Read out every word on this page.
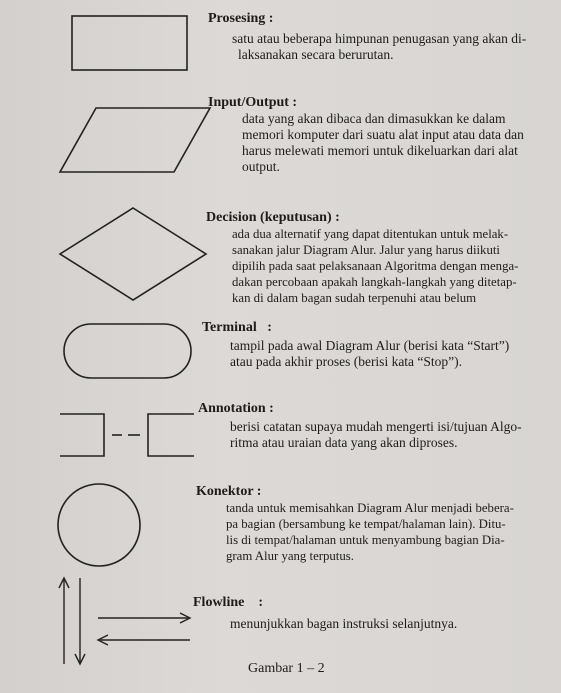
Prosesing :
Input/Output :
Decision (keputusan) :
Terminal   :
Annotation :
Konektor :
Flowline    :
satu atau beberapa himpunan penugasan yang akan di-
laksanakan secara berurutan.
data yang akan dibaca dan dimasukkan ke dalam
memori komputer dari suatu alat input atau data dan
harus melewati memori untuk dikeluarkan dari alat
output.
ada dua alternatif yang dapat ditentukan untuk melak-
sanakan jalur Diagram Alur. Jalur yang harus diikuti
dipilih pada saat pelaksanaan Algoritma dengan menga-
dakan percobaan apakah langkah-langkah yang ditetap-
kan di dalam bagan sudah terpenuhi atau belum
tampil pada awal Diagram Alur (berisi kata “Start”)
atau pada akhir proses (berisi kata “Stop”).
berisi catatan supaya mudah mengerti isi/tujuan Algo-
ritma atau uraian data yang akan diproses.
tanda untuk memisahkan Diagram Alur menjadi bebera-
pa bagian (bersambung ke tempat/halaman lain). Ditu-
lis di tempat/halaman untuk menyambung bagian Dia-
gram Alur yang terputus.
menunjukkan bagan instruksi selanjutnya.
Gambar 1 – 2
